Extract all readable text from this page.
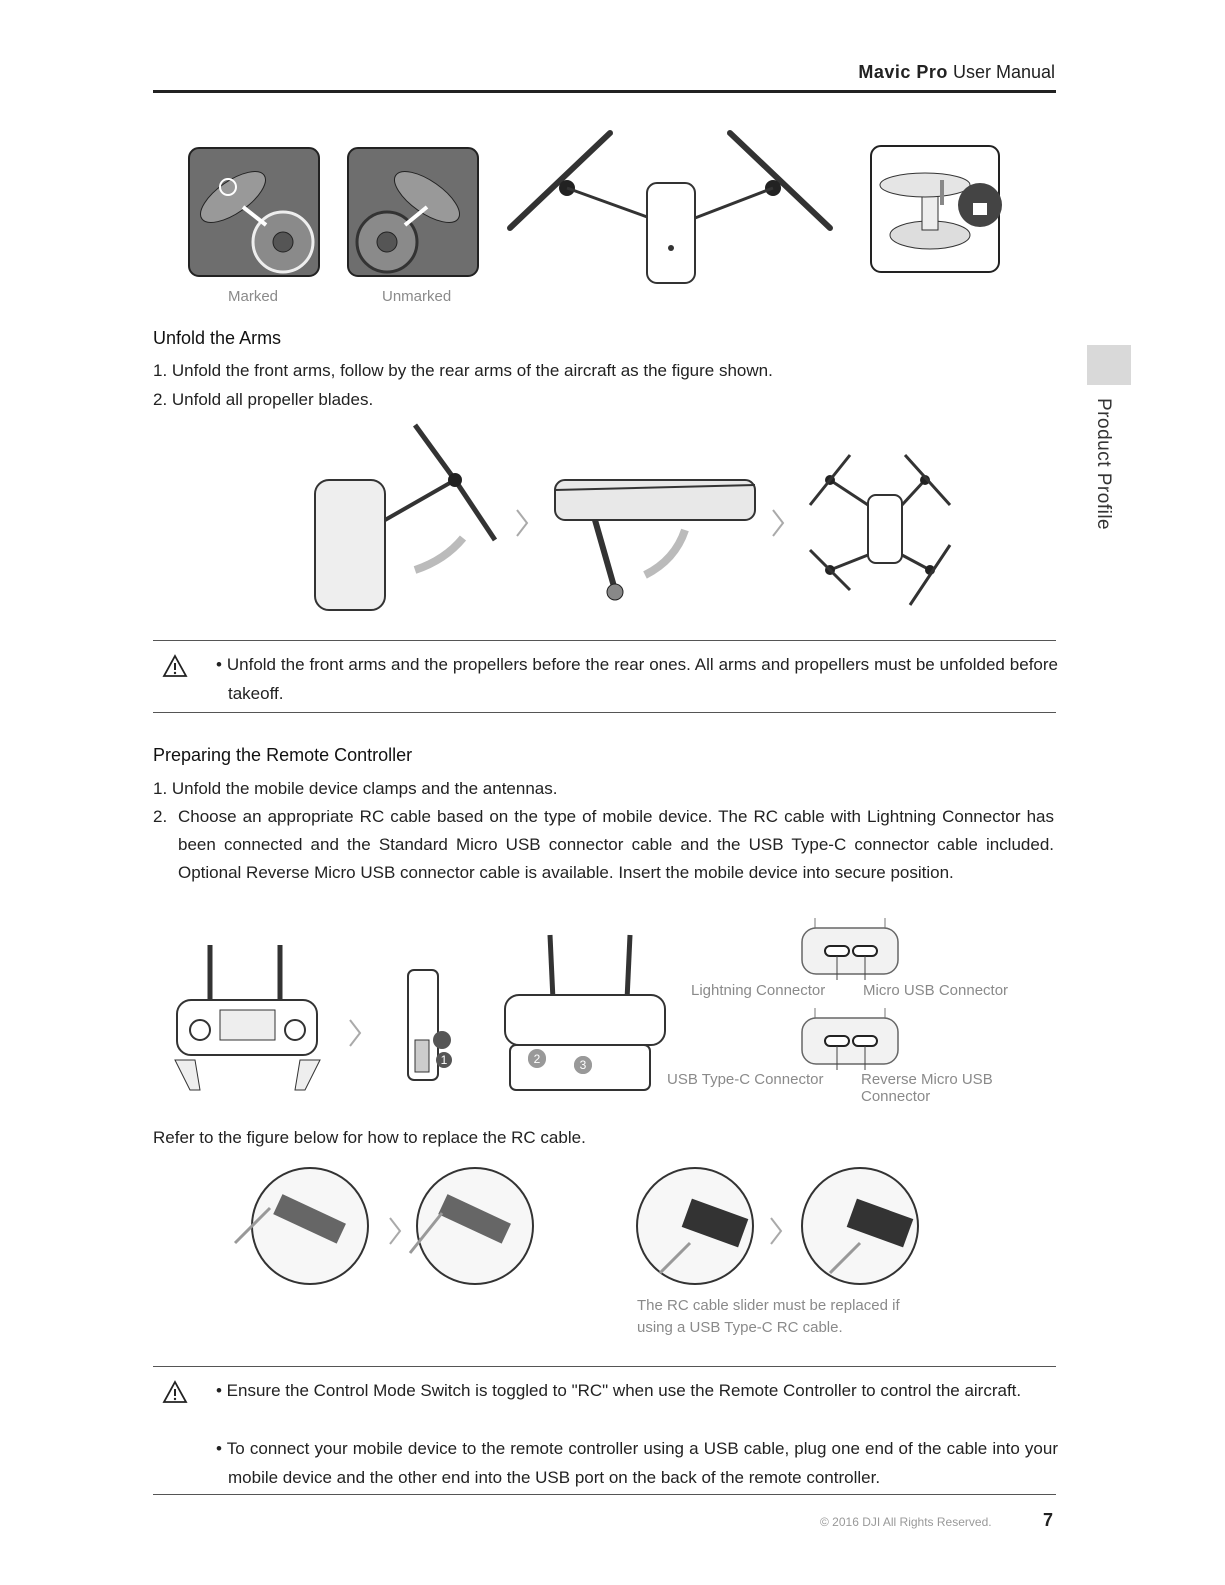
Mavic Pro User Manual
Product Profile
Marked	Unmarked
Unfold the Arms
1. Unfold the front arms, follow by the rear arms of the aircraft as the figure shown.
2. Unfold all propeller blades.
• Unfold the front arms and the propellers before the rear ones. All arms and propellers must be unfolded before takeoff.
Preparing the Remote Controller
1. Unfold the mobile device clamps and the antennas.
2. Choose an appropriate RC cable based on the type of mobile device. The RC cable with Lightning Connector has been connected and the Standard Micro USB connector cable and the USB Type-C connector cable included. Optional Reverse Micro USB connector cable is available. Insert the mobile device into secure position.
1	2	3
Lightning Connector	Micro USB Connector
USB Type-C Connector	Reverse Micro USB
Connector
Refer to the figure below for how to replace the RC cable.
The RC cable slider must be replaced if
using a USB Type-C RC cable.
• Ensure the Control Mode Switch is toggled to "RC" when use the Remote Controller to control the aircraft.
• To connect your mobile device to the remote controller using a USB cable, plug one end of the cable into your mobile device and the other end into the USB port on the back of the remote controller.
© 2016 DJI All Rights Reserved.	7
